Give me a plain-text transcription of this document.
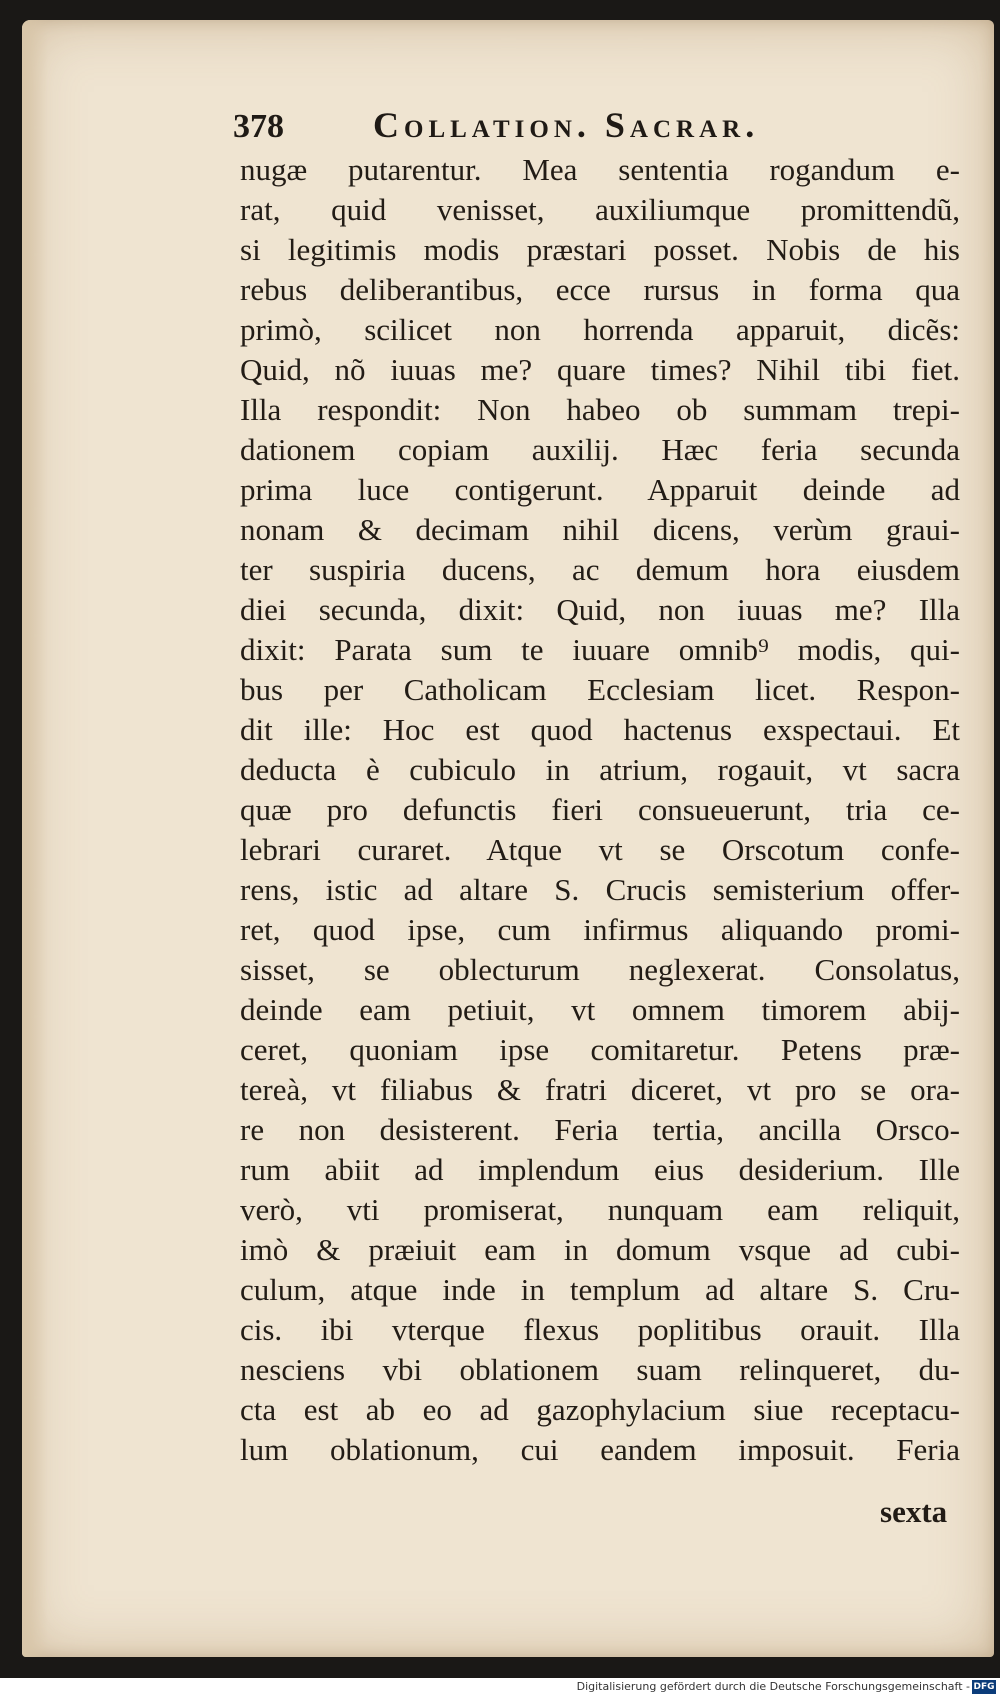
378 Collation. Sacrar.
nugæ putarentur. Mea sententia rogandum e-
rat, quid venisset, auxiliumque promittendũ,
si legitimis modis præstari posset. Nobis de his
rebus deliberantibus, ecce rursus in forma qua
primò, scilicet non horrenda apparuit, dicẽs:
Quid, nõ iuuas me? quare times? Nihil tibi fiet.
Illa respondit: Non habeo ob summam trepi-
dationem copiam auxilij. Hæc feria secunda
prima luce contigerunt. Apparuit deinde ad
nonam & decimam nihil dicens, verùm graui-
ter suspiria ducens, ac demum hora eiusdem
diei secunda, dixit: Quid, non iuuas me? Illa
dixit: Parata sum te iuuare omnib⁹ modis, qui-
bus per Catholicam Ecclesiam licet. Respon-
dit ille: Hoc est quod hactenus exspectaui. Et
deducta è cubiculo in atrium, rogauit, vt sacra
quæ pro defunctis fieri consueuerunt, tria ce-
lebrari curaret. Atque vt se Orscotum confe-
rens, istic ad altare S. Crucis semisterium offer-
ret, quod ipse, cum infirmus aliquando promi-
sisset, se oblecturum neglexerat. Consolatus,
deinde eam petiuit, vt omnem timorem abij-
ceret, quoniam ipse comitaretur. Petens præ-
tereà, vt filiabus & fratri diceret, vt pro se ora-
re non desisterent. Feria tertia, ancilla Orsco-
rum abiit ad implendum eius desiderium. Ille
verò, vti promiserat, nunquam eam reliquit,
imò & præiuit eam in domum vsque ad cubi-
culum, atque inde in templum ad altare S. Cru-
cis. ibi vterque flexus poplitibus orauit. Illa
nesciens vbi oblationem suam relinqueret, du-
cta est ab eo ad gazophylacium siue receptacu-
lum oblationum, cui eandem imposuit. Feria
sexta
Digitalisierung gefördert durch die Deutsche Forschungsgemeinschaft - DFG
